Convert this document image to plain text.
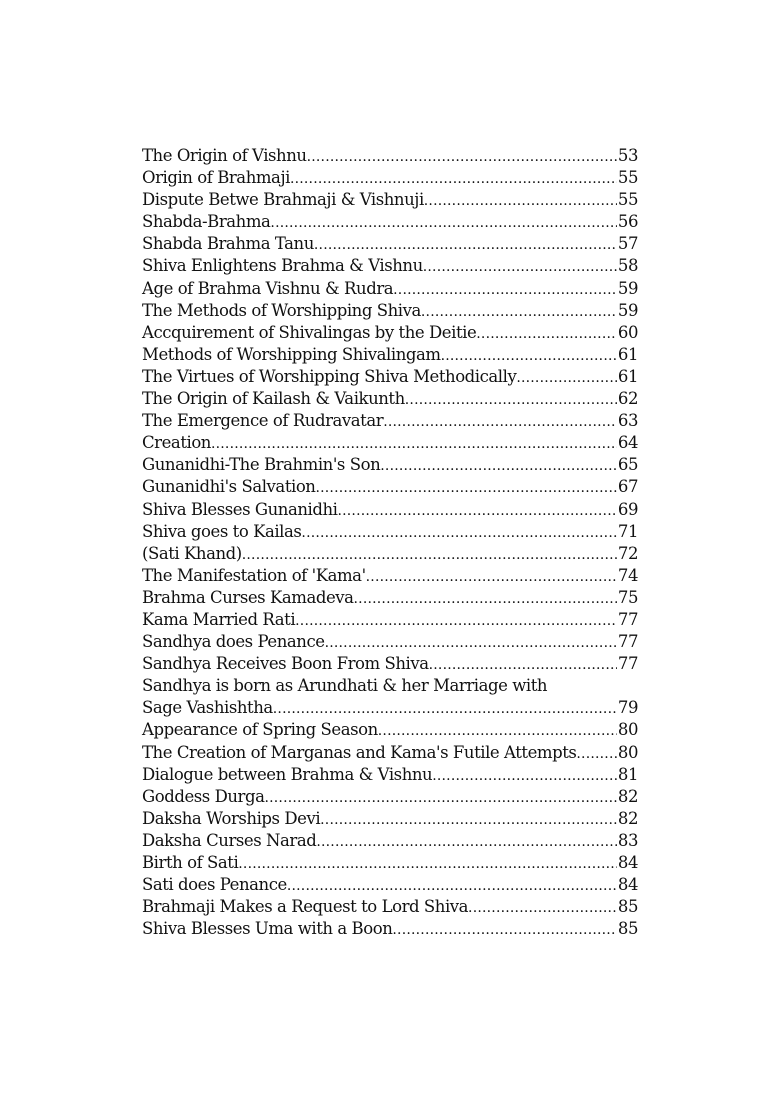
The Origin of Vishnu .....	53
Origin of Brahmaji .....	55
Dispute Betwe Brahmaji & Vishnuji .....	55
Shabda-Brahma .....	56
Shabda Brahma Tanu .....	57
Shiva Enlightens Brahma & Vishnu .....	58
Age of Brahma Vishnu & Rudra .....	59
The Methods of Worshipping Shiva .....	59
Accquirement of Shivalingas by the Deitie .....	60
Methods of Worshipping Shivalingam .....	61
The Virtues of Worshipping Shiva Methodically .....	61
The Origin of Kailash & Vaikunth .....	62
The Emergence of Rudravatar .....	63
Creation .....	64
Gunanidhi-The Brahmin's Son .....	65
Gunanidhi's Salvation .....	67
Shiva Blesses Gunanidhi .....	69
Shiva goes to Kailas .....	71
(Sati Khand) .....	72
The Manifestation of 'Kama' .....	74
Brahma Curses Kamadeva .....	75
Kama Married Rati .....	77
Sandhya does Penance .....	77
Sandhya Receives Boon From Shiva .....	77
Sandhya is born as Arundhati & her Marriage with
Sage Vashishtha .....	79
Appearance of Spring Season .....	80
The Creation of Marganas and Kama's Futile Attempts .....	80
Dialogue between Brahma & Vishnu .....	81
Goddess Durga .....	82
Daksha Worships Devi .....	82
Daksha Curses Narad .....	83
Birth of Sati .....	84
Sati does Penance .....	84
Brahmaji Makes a Request to Lord Shiva .....	85
Shiva Blesses Uma with a Boon .....	85
